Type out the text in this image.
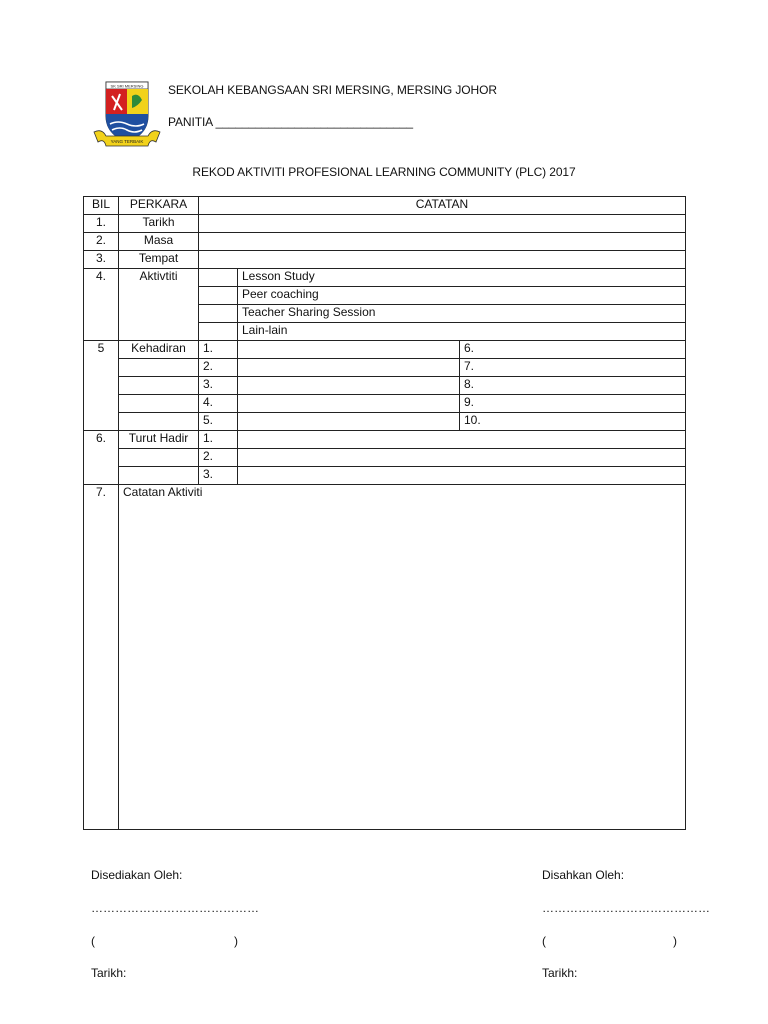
SK SRI MERSING
YANG TERBAIK
SEKOLAH KEBANGSAAN SRI MERSING, MERSING JOHOR
PANITIA ______________________________
REKOD AKTIVITI PROFESIONAL LEARNING COMMUNITY (PLC) 2017
BIL	PERKARA	CATATAN		
1.	Tarikh			
2.	Masa			
3.	Tempat			
4.	Aktivtiti		Lesson Study	
			Peer coaching	
			Teacher Sharing Session	
			Lain-lain	
5	Kehadiran	1.		6.
		2.		7.
		3.		8.
		4.		9.
		5.		10.
6.	Turut Hadir	1.		
		2.		
		3.		
7.	Catatan Aktiviti			
Disediakan Oleh:
……………………………………
(	)
Tarikh:
Disahkan Oleh:
……………………………………
(	)
Tarikh:
